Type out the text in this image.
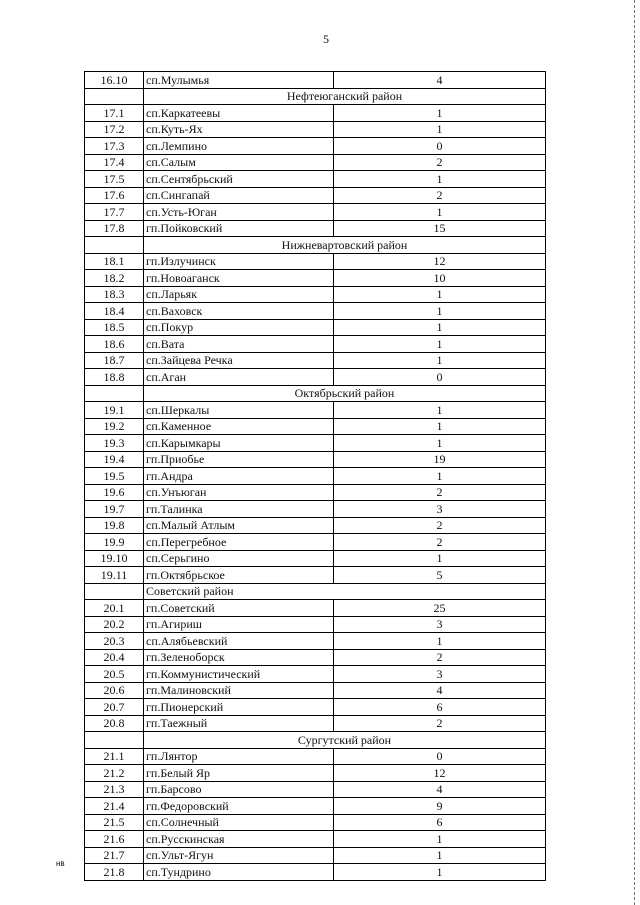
5
16.10	сп.Мулымья	4
	Нефтеюганский район	
17.1	сп.Каркатеевы	1
17.2	сп.Куть-Ях	1
17.3	сп.Лемпино	0
17.4	сп.Салым	2
17.5	сп.Сентябрьский	1
17.6	сп.Сингапай	2
17.7	сп.Усть-Юган	1
17.8	гп.Пойковский	15
	Нижневартовский район	
18.1	гп.Излучинск	12
18.2	гп.Новоаганск	10
18.3	сп.Ларьяк	1
18.4	сп.Ваховск	1
18.5	сп.Покур	1
18.6	сп.Вата	1
18.7	сп.Зайцева Речка	1
18.8	сп.Аган	0
	Октябрьский район	
19.1	сп.Шеркалы	1
19.2	сп.Каменное	1
19.3	сп.Карымкары	1
19.4	гп.Приобье	19
19.5	гп.Андра	1
19.6	сп.Унъюган	2
19.7	гп.Талинка	3
19.8	сп.Малый Атлым	2
19.9	сп.Перегребное	2
19.10	сп.Серьгино	1
19.11	гп.Октябрьское	5
	Советский район	
20.1	гп.Советский	25
20.2	гп.Агириш	3
20.3	сп.Алябьевский	1
20.4	гп.Зеленоборск	2
20.5	гп.Коммунистический	3
20.6	гп.Малиновский	4
20.7	гп.Пионерский	6
20.8	гп.Таежный	2
	Сургутский район	
21.1	гп.Лянтор	0
21.2	гп.Белый Яр	12
21.3	гп.Барсово	4
21.4	гп.Федоровский	9
21.5	сп.Солнечный	6
21.6	сп.Русскинская	1
21.7	сп.Ульт-Ягун	1
21.8	сп.Тундрино	1
нв
